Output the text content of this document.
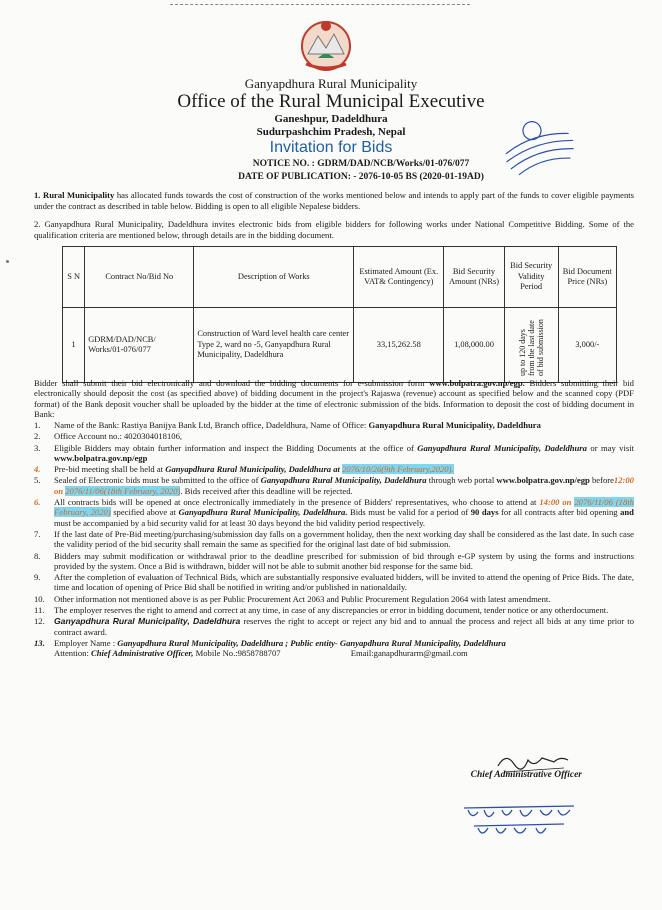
Ganyapdhura Rural Municipality
Office of the Rural Municipal Executive
Ganeshpur, Dadeldhura
Sudurpashchim Pradesh, Nepal
Invitation for Bids
NOTICE NO. : GDRM/DAD/NCB/Works/01-076/077
DATE OF PUBLICATION: - 2076-10-05 BS (2020-01-19AD)
1. Rural Municipality has allocated funds towards the cost of construction of the works mentioned below and intends to apply part of the funds to cover eligible payments under the contract as described in table below. Bidding is open to all eligible Nepalese bidders.
2. Ganyapdhura Rural Municipality, Dadeldhura invites electronic bids from eligible bidders for following works under National Competitive Bidding. Some of the qualification criteria are mentioned below, through details are in the bidding document.
S N	Contract No/Bid No	Description of Works	Estimated Amount (Ex. VAT& Contingency)	Bid Security Amount (NRs)	Bid Security Validity Period	Bid Document Price (NRs)
1	GDRM/DAD/NCB/ Works/01-076/077	Construction of Ward level health care center Type 2, ward no -5, Ganyapdhura Rural Municipality, Dadeldhura	33,15,262.58	1,08,000.00	up to 120 days from the last date of bid submission	3,000/-
Bidder shall submit their bid electronically and download the bidding documents for e-submission form www.bolpatra.gov.np/egp. Bidders submitting their bid electronically should deposit the cost (as specified above) of bidding document in the project's Rajaswa (revenue) account as specified below and the scanned copy (PDF format) of the Bank deposit voucher shall be uploaded by the bidder at the time of electronic submission of the bids. Information to deposit the cost of bidding document in Bank:
1.	Name of the Bank: Rastiya Banijya Bank Ltd, Branch office, Dadeldhura, Name of Office: Ganyapdhura Rural Municipality, Dadeldhura
2.	Office Account no.: 4020304018106,
3.	Eligible Bidders may obtain further information and inspect the Bidding Documents at the office of Ganyapdhura Rural Municipality, Dadeldhura or may visit www.bolpatra.gov.np/egp
4.	Pre-bid meeting shall be held at Ganyapdhura Rural Municipality, Dadeldhura at 2076/10/26(9th February,2020).
5.	Sealed of Electronic bids must be submitted to the office of Ganyapdhura Rural Municipality, Dadeldhura through web portal www.bolpatra.gov.np/egp before12:00 on 2076/11/06(18th February, 2020). Bids received after this deadline will be rejected.
6.	All contracts bids will be opened at once electronically immediately in the presence of Bidders' representatives, who choose to attend at 14:00 on 2076/11/06 (18th February, 2020) specified above at Ganyapdhura Rural Municipality, Dadeldhura. Bids must be valid for a period of 90 days for all contracts after bid opening and must be accompanied by a bid security valid for at least 30 days beyond the bid validity period respectively.
7.	If the last date of Pre-Bid meeting/purchasing/submission day falls on a government holiday, then the next working day shall be considered as the last date. In such case the validity period of the bid security shall remain the same as specified for the original last date of bid submission.
8.	Bidders may submit modification or withdrawal prior to the deadline prescribed for submission of bid through e-GP system by using the forms and instructions provided by the system. Once a Bid is withdrawn, bidder will not be able to submit another bid response for the same bid.
9.	After the completion of evaluation of Technical Bids, which are substantially responsive evaluated bidders, will be invited to attend the opening of Price Bids. The date, time and location of opening of Price Bid shall be notified in writing and/or published in nationaldaily.
10.	Other information not mentioned above is as per Public Procurement Act 2063 and Public Procurement Regulation 2064 with latest amendment.
11.	The employer reserves the right to amend and correct at any time, in case of any discrepancies or error in bidding document, tender notice or any otherdocument.
12.	Ganyapdhura Rural Municipality, Dadeldhura reserves the right to accept or reject any bid and to annual the process and reject all bids at any time prior to contract award.
13.	Employer Name : Ganyapdhura Rural Municipality, Dadeldhura ; Public entity- Ganyapdhura Rural Municipality, Dadeldhura
Attention: Chief Administrative Officer, Mobile No.:9858788707	Email:ganapdhurarm@gmail.com
Chief Administrative Officer
